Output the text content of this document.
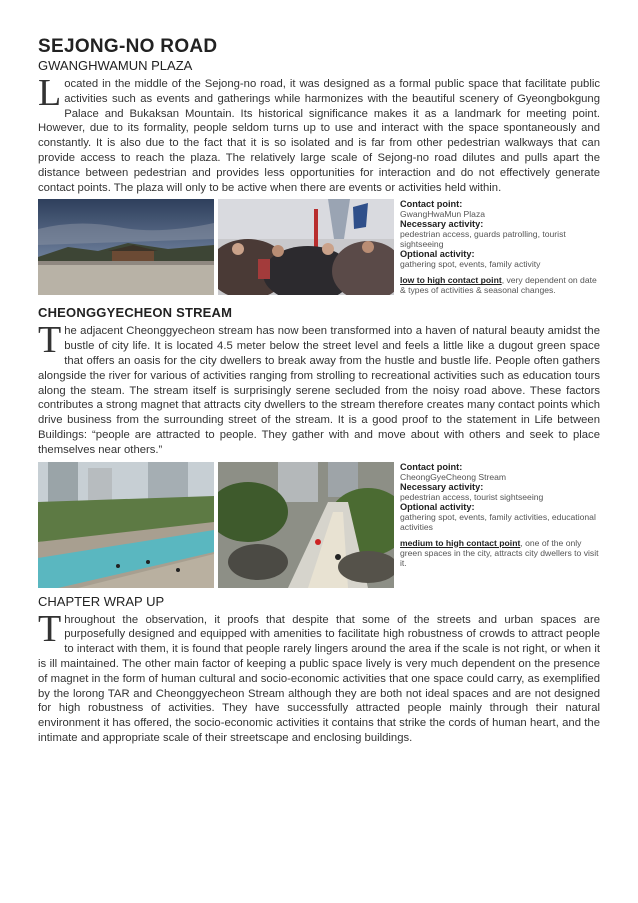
SEJONG-NO ROAD
GWANGHWAMUN PLAZA

Located in the middle of the Sejong-no road, it was designed as a formal public space that facilitate public activities such as events and gatherings while harmonizes with the beautiful scenery of Gyeongbokgung Palace and Bukaksan Mountain. Its historical significance makes it as a landmark for meeting point. However, due to its formality, people seldom turns up to use and interact with the space spontaneously and constantly. It is also due to the fact that it is so isolated and is far from other pedestrian walkways that can provide access to reach the plaza. The relatively large scale of Sejong-no road dilutes and pulls apart the distance between pedestrian and provides less opportunities for interaction and do not effectively generate contact points. The plaza will only to be active when there are events or activities held within.

Contact point:
GwangHwaMun Plaza
Necessary activity:
pedestrian access, guards patrolling, tourist sightseeing
Optional activity:
gathering spot, events, family activity
low to high contact point, very dependent on date & types of activities & seasonal changes.
CHEONGGYECHEON STREAM

The adjacent Cheonggyecheon stream has now been transformed into a haven of natural beauty amidst the bustle of city life. It is located 4.5 meter below the street level and feels a little like a dugout green space that offers an oasis for the city dwellers to break away from the hustle and bustle life. People often gathers alongside the river for various of activities ranging from strolling to recreational activities such as education tours along the steam. The stream itself is surprisingly serene secluded from the noisy road above. These factors contributes a strong magnet that attracts city dwellers to the stream therefore creates many contact points which drive business from the surrounding street of the stream. It is a good proof to the statement in Life between Buildings: “people are attracted to people. They gather with and move about with others and seek to place themselves near others.”

Contact point:
CheongGyeCheong Stream
Necessary activity:
pedestrian access, tourist sightseeing
Optional activity:
gathering spot, events, family activities, educational activities
medium to high contact point, one of the only green spaces in the city, attracts city dwellers to visit it.
CHAPTER WRAP UP

Throughout the observation, it proofs that despite that some of the streets and urban spaces are purposefully designed and equipped with amenities to facilitate high robustness of crowds to attract people to interact with them, it is found that people rarely lingers around the area if the scale is not right, or when it is ill maintained. The other main factor of keeping a public space lively is very much dependent on the presence of magnet in the form of human cultural and socio-economic activities that one space could carry, as exemplified by the lorong TAR and Cheonggyecheon Stream although they are both not ideal spaces and are not designed for high robustness of activities. They have successfully attracted people mainly through their natural environment it has offered, the socio-economic activities it contains that strike the cords of human heart, and the intimate and appropriate scale of their streetscape and enclosing buildings.
